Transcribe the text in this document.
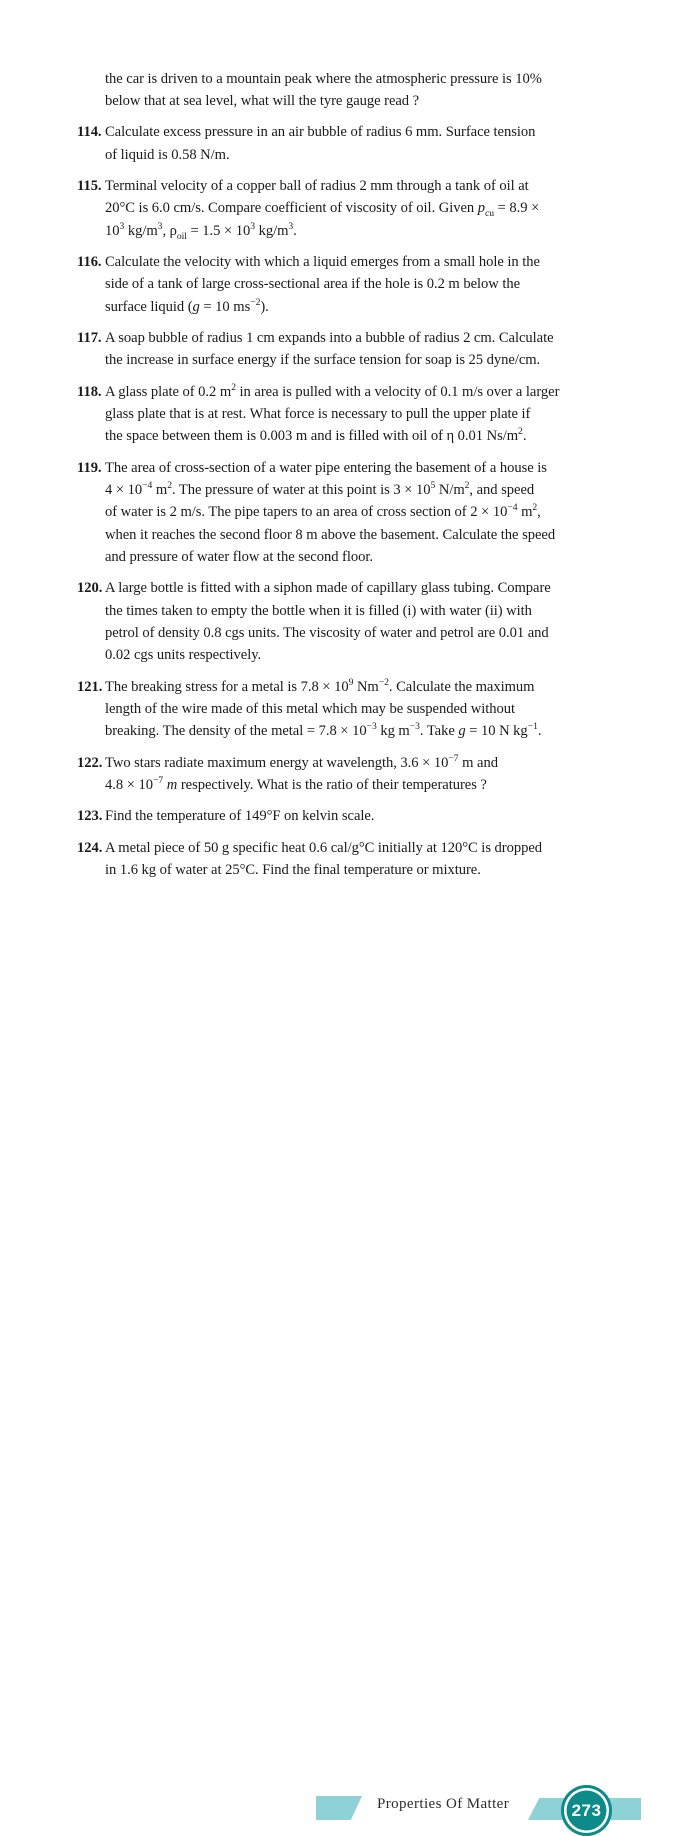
the car is driven to a mountain peak where the atmospheric pressure is 10%
below that at sea level, what will the tyre gauge read ?

114. Calculate excess pressure in an air bubble of radius 6 mm. Surface tension
of liquid is 0.58 N/m.
115. Terminal velocity of a copper ball of radius 2 mm through a tank of oil at
20°C is 6.0 cm/s. Compare coefficient of viscosity of oil. Given $p_{cu} = 8.9$ ×
$10^3$ $kg/m^3$, $\rho_{oil} = 1.5 \times 10^3$ $kg/m^3$.
116. Calculate the velocity with which a liquid emerges from a small hole in the
side of a tank of large cross-sectional area if the hole is 0.2 m below the
surface liquid (g = 10 $ms^{-2}$).
117. A soap bubble of radius 1 cm expands into a bubble of radius 2 cm. Calculate
the increase in surface energy if the surface tension for soap is 25 dyne/cm.
118. A glass plate of 0.2 $m^2$ in area is pulled with a velocity of 0.1 m/s over a larger
glass plate that is at rest. What force is necessary to pull the upper plate if
the space between them is 0.003 m and is filled with oil of η 0.01 $Ns/m^2$.
119. The area of cross-section of a water pipe entering the basement of a house is
$4 \times 10^{-4}$ $m^2$. The pressure of water at this point is $3 \times 10^5$ $N/m^2$, and speed
of water is 2 m/s. The pipe tapers to an area of cross section of $2 \times 10^{-4}$ $m^2$,
when it reaches the second floor 8 m above the basement. Calculate the speed
and pressure of water flow at the second floor.
120. A large bottle is fitted with a siphon made of capillary glass tubing. Compare
the times taken to empty the bottle when it is filled (i) with water (ii) with
petrol of density 0.8 cgs units. The viscosity of water and petrol are 0.01 and
0.02 cgs units respectively.
121. The breaking stress for a metal is $7.8 \times 10^9$ $Nm^{-2}$. Calculate the maximum
length of the wire made of this metal which may be suspended without
breaking. The density of the metal = $7.8 \times 10^{-3}$ kg $m^{-3}$. Take g = 10 N $kg^{-1}$.
122. Two stars radiate maximum energy at wavelength, $3.6 \times 10^{-7}$ m and
$4.8 \times 10^{-7}$ m respectively. What is the ratio of their temperatures ?
123. Find the temperature of 149°F on kelvin scale.
124. A metal piece of 50 g specific heat 0.6 cal/g°C initially at 120°C is dropped
in 1.6 kg of water at 25°C. Find the final temperature or mixture.
Properties Of Matter	273
